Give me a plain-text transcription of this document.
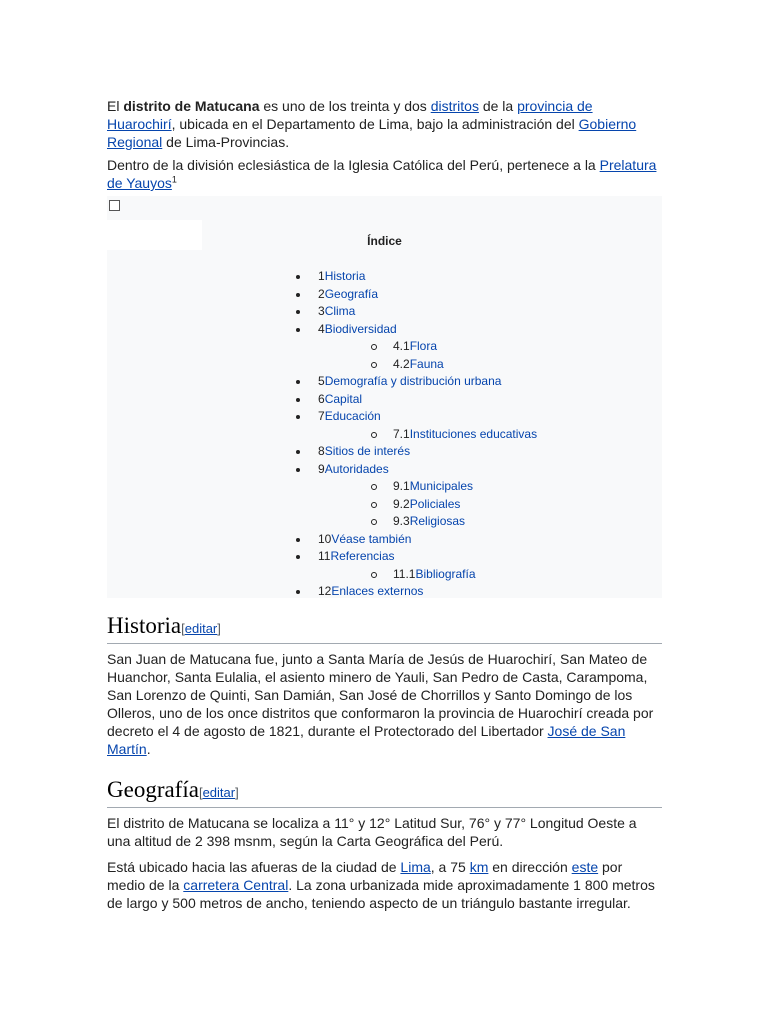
El distrito de Matucana es uno de los treinta y dos distritos de la provincia de Huarochirí, ubicada en el Departamento de Lima, bajo la administración del Gobierno Regional de Lima-Provincias.

Dentro de la división eclesiástica de la Iglesia Católica del Perú, pertenece a la Prelatura de Yauyos$^1$

Índice
1Historia
2Geografía
3Clima
4Biodiversidad
4.1Flora
4.2Fauna
5Demografía y distribución urbana
6Capital
7Educación
7.1Instituciones educativas
8Sitios de interés
9Autoridades
9.1Municipales
9.2Policiales
9.3Religiosas
10Véase también
11Referencias
11.1Bibliografía
12Enlaces externos
Historia[editar]

San Juan de Matucana fue, junto a Santa María de Jesús de Huarochirí, San Mateo de Huanchor, Santa Eulalia, el asiento minero de Yauli, San Pedro de Casta, Carampoma, San Lorenzo de Quinti, San Damián, San José de Chorrillos y Santo Domingo de los Olleros, uno de los once distritos que conformaron la provincia de Huarochirí creada por decreto el 4 de agosto de 1821, durante el Protectorado del Libertador José de San Martín.

Geografía[editar]

El distrito de Matucana se localiza a 11° y 12° Latitud Sur, 76° y 77° Longitud Oeste a una altitud de 2 398 msnm, según la Carta Geográfica del Perú.

Está ubicado hacia las afueras de la ciudad de Lima, a 75 km en dirección este por medio de la carretera Central. La zona urbanizada mide aproximadamente 1 800 metros de largo y 500 metros de ancho, teniendo aspecto de un triángulo bastante irregular.
